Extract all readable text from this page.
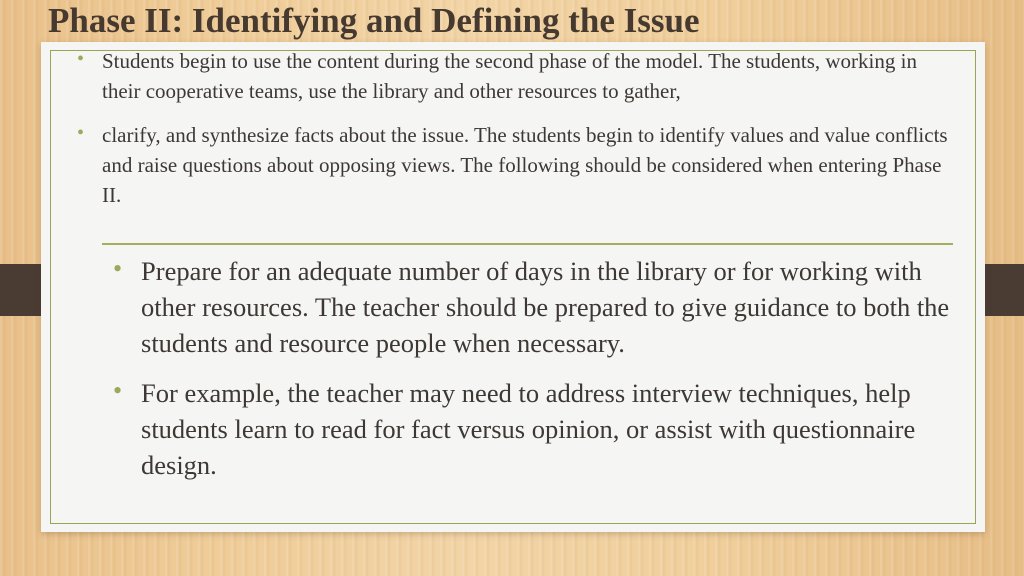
Phase II: Identifying and Defining the Issue
• Students begin to use the content during the second phase of the model. The students, working in their cooperative teams, use the library and other resources to gather,
• clarify, and synthesize facts about the issue. The students begin to identify values and value conflicts and raise questions about opposing views. The following should be considered when entering Phase II.
• Prepare for an adequate number of days in the library or for working with other resources. The teacher should be prepared to give guidance to both the students and resource people when necessary.
• For example, the teacher may need to address interview techniques, help students learn to read for fact versus opinion, or assist with questionnaire design.
